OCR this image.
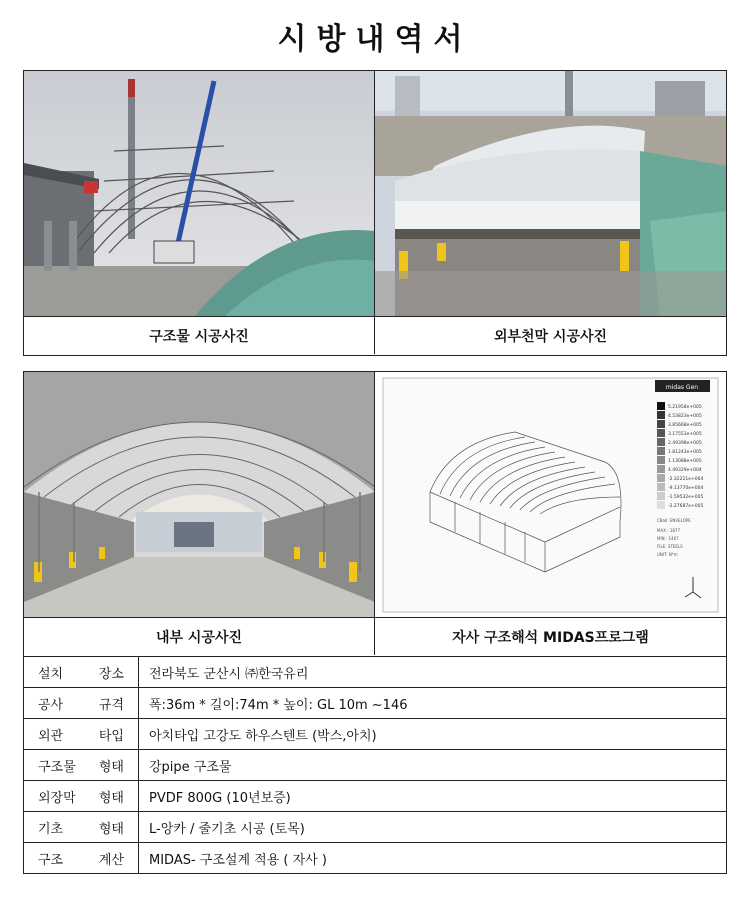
시방내역서
구조물 시공사진	외부천막 시공사진
midas Gen
5.21958e+005
4.53823e+005
3.85668e+005
3.17553e+005
2.49398e+005
1.81243e+005
1.13088e+005
4.49329e+004
-2.32221e+004
-9.13770e+004
-1.59532e+005
-2.27687e+005
CBall: ENVELOPE
MAX : 1877
MIN : 1467
FILE: STEELS
UNIT: N*m
내부 시공사진	자사 구조해석 MIDAS프로그램
설치 장소	전라북도 군산시 ㈜한국유리
공사 규격	폭:36m * 길이:74m * 높이: GL 10m ~146
외관 타입	아치타입 고강도 하우스텐트 (박스,아치)
구조물 형태	강pipe 구조물
외장막 형태	PVDF 800G (10년보증)
기초 형태	L-앙카 / 줄기초 시공 (토목)
구조 계산	MIDAS- 구조설계 적용 ( 자사 )
